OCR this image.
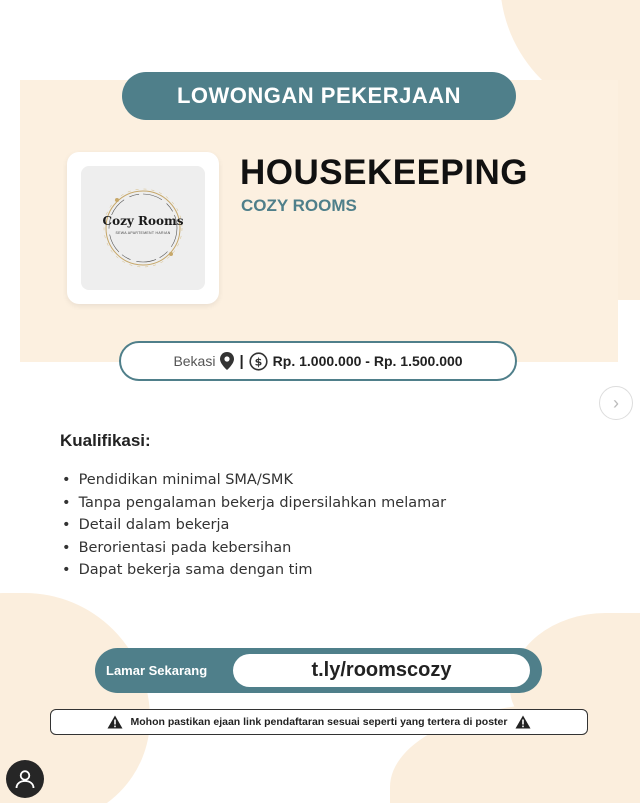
LOWONGAN PEKERJAAN
Cozy Rooms
SEWA APARTEMENT HARIAN
HOUSEKEEPING
COZY ROOMS
Bekasi | $ Rp. 1.000.000 - Rp. 1.500.000
›
Kualifikasi:
• Pendidikan minimal SMA/SMK
• Tanpa pengalaman bekerja dipersilahkan melamar
• Detail dalam bekerja
• Berorientasi pada kebersihan
• Dapat bekerja sama dengan tim
Lamar Sekarang	t.ly/roomscozy
Mohon pastikan ejaan link pendaftaran sesuai seperti yang tertera di poster
